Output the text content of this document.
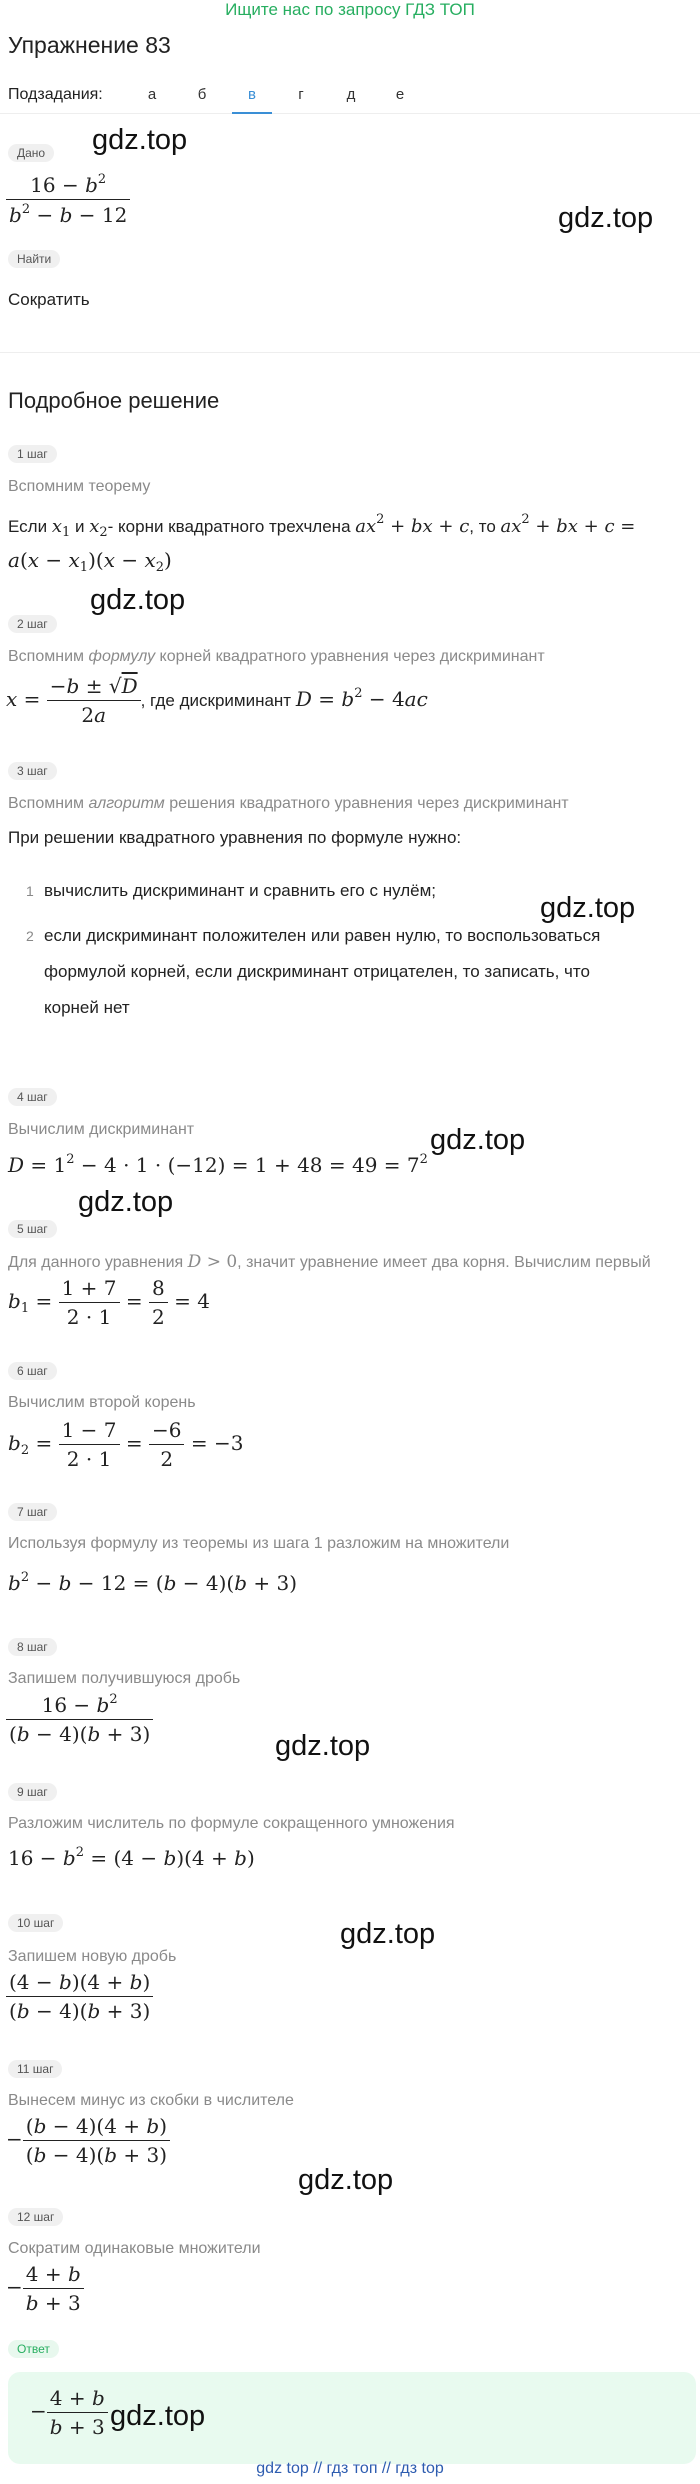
Ищите нас по запросу ГДЗ ТОП
Упражнение 83
Подзадания:	а	б	в	г	д	е
Дано	gdz.top
$\frac{16 - b^2}{b^2 - b - 12}$	gdz.top
Найти
Сократить
Подробное решение
1 шаг
Вспомним теорему
Если $x_1$ и $x_2-$ корни квадратного трехчлена $ax^2$ + bx + c, то $ax^2$ + bx + c =
$a(x - x_1)(x - x_2)$
gdz.top
2 шаг
Вспомним формулу корней квадратного уравнения через дискриминант
$x = \frac{-b \pm √D}{2a}$ , где дискриминант $D = b^2 - 4ac$
3 шаг
Вспомним алгоритм решения квадратного уравнения через дискриминант
При решении квадратного уравнения по формуле нужно:
1 вычислить дискриминант и сравнить его с нулём;
gdz.top
2 если дискриминант положителен или равен нулю, то воспользоваться
формулой корней, если дискриминант отрицателен, то записать, что
корней нет
4 шаг
Вычислим дискриминант	gdz.top
$D = 1^2 - 4 \cdot 1 \cdot (-12) = 1 + 48 = 49 = 7^2$
gdz.top
5 шаг
Для данного уравнения D > 0, значит уравнение имеет два корня. Вычислим первый
$b_1 = \frac{1 + 7}{2 \cdot 1} = \frac{8}{2} = 4$
6 шаг
Вычислим второй корень
$b_2 = \frac{1 - 7}{2 \cdot 1} = \frac{-6}{2} = -3$
7 шаг
Используя формулу из теоремы из шага 1 разложим на множители
$b^2 - b - 12 = (b - 4)(b + 3)$
8 шаг
Запишем получившуюся дробь
$\frac{16 - b^2}{(b - 4)(b + 3)}$	gdz.top
9 шаг
Разложим числитель по формуле сокращенного умножения
$16 - b^2 = (4 - b)(4 + b)$
10 шаг	gdz.top
Запишем новую дробь
$\frac{(4 - b)(4 + b)}{(b - 4)(b + 3)}$
11 шаг
Вынесем минус из скобки в числителе
− $\frac{(b - 4)(4 + b)}{(b - 4)(b + 3)}$
gdz.top
12 шаг
Сократим одинаковые множители
− $\frac{4 + b}{b + 3}$
Ответ
− $\frac{4 + b}{b + 3} gdz.top$
gdz top // гдз топ // гдз top
